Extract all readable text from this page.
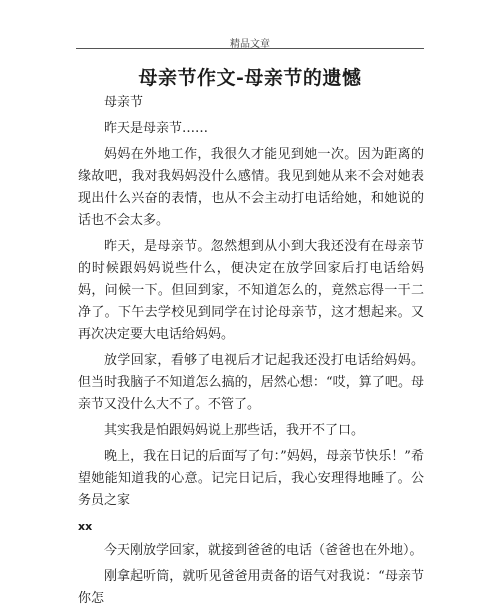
精品文章
母亲节作文-母亲节的遗憾

母亲节

昨天是母亲节……

妈妈在外地工作，我很久才能见到她一次。因为距离的缘故吧，我对我妈妈没什么感情。我见到她从来不会对她表现出什么兴奋的表情，也从不会主动打电话给她，和她说的话也不会太多。

昨天，是母亲节。忽然想到从小到大我还没有在母亲节的时候跟妈妈说些什么，便决定在放学回家后打电话给妈妈，问候一下。但回到家，不知道怎么的，竟然忘得一干二净了。下午去学校见到同学在讨论母亲节，这才想起来。又再次决定要大电话给妈妈。

放学回家，看够了电视后才记起我还没打电话给妈妈。但当时我脑子不知道怎么搞的，居然心想：“哎，算了吧。母亲节又没什么大不了。不管了。

其实我是怕跟妈妈说上那些话，我开不了口。

晚上，我在日记的后面写了句：”妈妈，母亲节快乐！”希望她能知道我的心意。记完日记后，我心安理得地睡了。公务员之家

xx

今天刚放学回家，就接到爸爸的电话（爸爸也在外地）。

刚拿起听筒，就听见爸爸用责备的语气对我说：“母亲节你怎
